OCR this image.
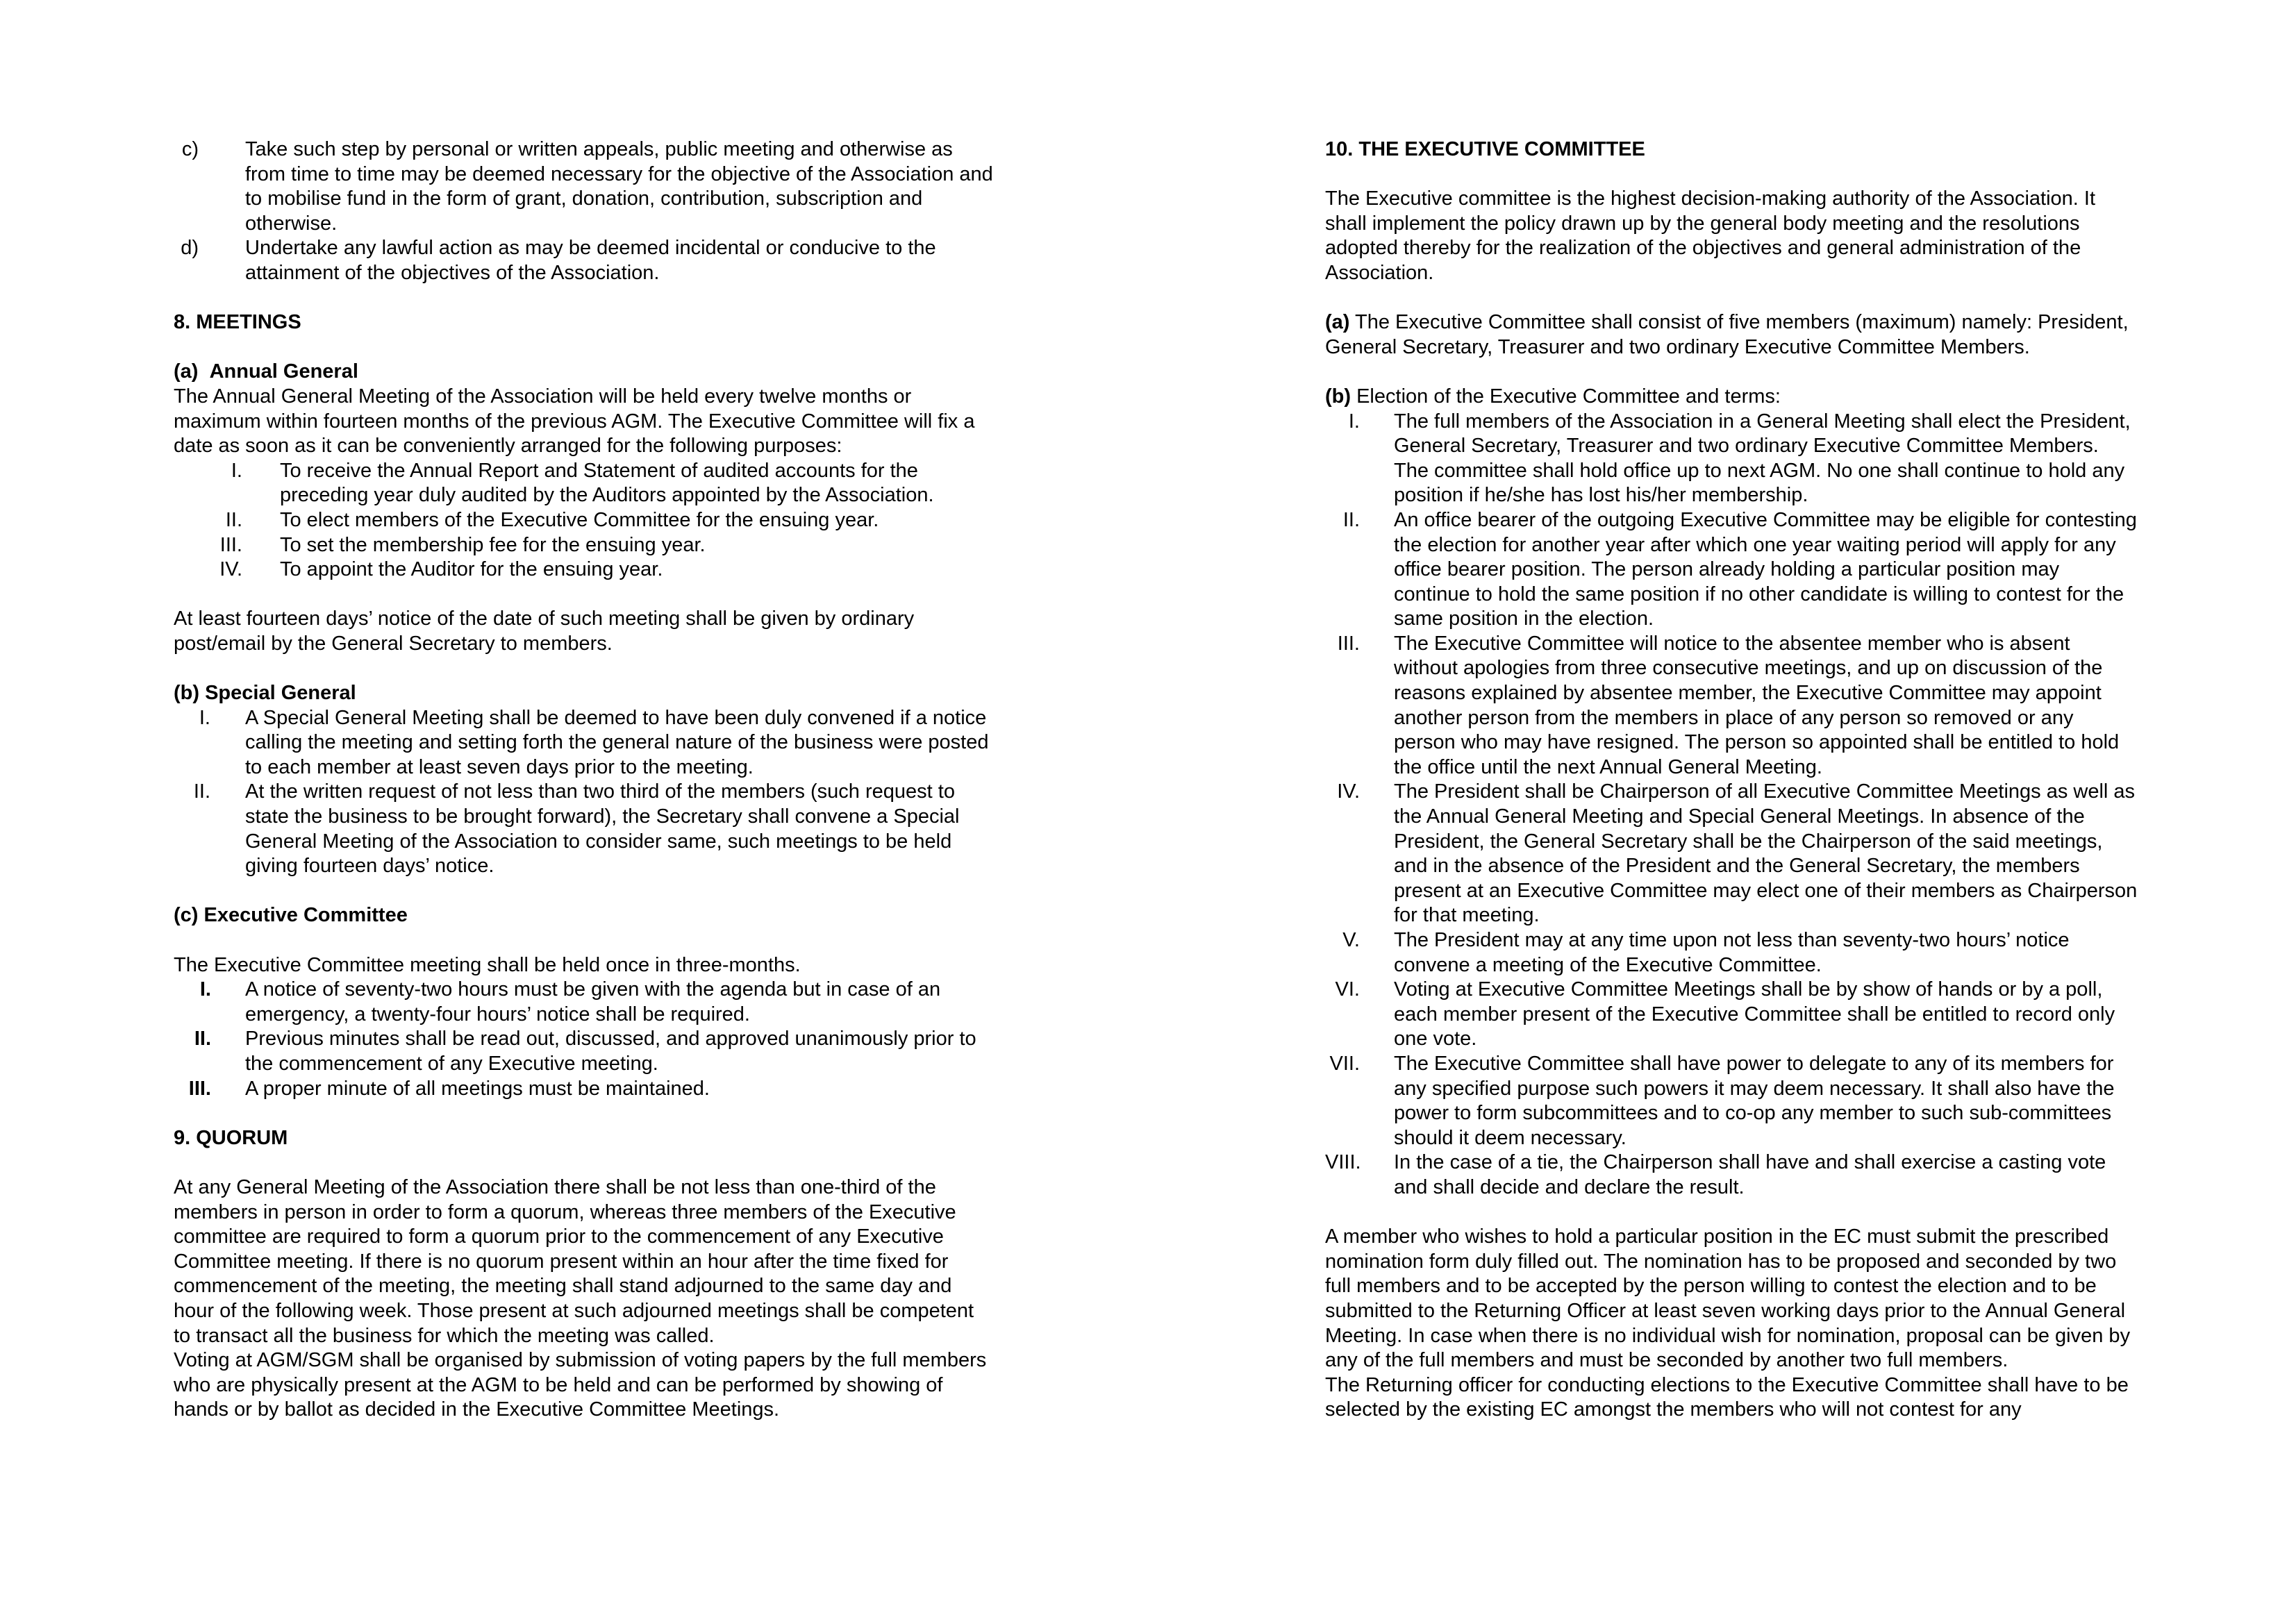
c) Take such step by personal or written appeals, public meeting and otherwise as from time to time may be deemed necessary for the objective of the Association and to mobilise fund in the form of grant, donation, contribution, subscription and otherwise.

d) Undertake any lawful action as may be deemed incidental or conducive to the attainment of the objectives of the Association.

8. MEETINGS

(a) Annual General

The Annual General Meeting of the Association will be held every twelve months or maximum within fourteen months of the previous AGM. The Executive Committee will fix a date as soon as it can be conveniently arranged for the following purposes:

I. To receive the Annual Report and Statement of audited accounts for the preceding year duly audited by the Auditors appointed by the Association.

II. To elect members of the Executive Committee for the ensuing year.

III. To set the membership fee for the ensuing year.

IV. To appoint the Auditor for the ensuing year.

At least fourteen days’ notice of the date of such meeting shall be given by ordinary post/email by the General Secretary to members.

(b) Special General
I. A Special General Meeting shall be deemed to have been duly convened if a notice calling the meeting and setting forth the general nature of the business were posted to each member at least seven days prior to the meeting.

II. At the written request of not less than two third of the members (such request to state the business to be brought forward), the Secretary shall convene a Special General Meeting of the Association to consider same, such meetings to be held giving fourteen days’ notice.

(c) Executive Committee

The Executive Committee meeting shall be held once in three-months.

I. A notice of seventy-two hours must be given with the agenda but in case of an emergency, a twenty-four hours’ notice shall be required.

II. Previous minutes shall be read out, discussed, and approved unanimously prior to the commencement of any Executive meeting.

III. A proper minute of all meetings must be maintained.

9. QUORUM

At any General Meeting of the Association there shall be not less than one-third of the members in person in order to form a quorum, whereas three members of the Executive committee are required to form a quorum prior to the commencement of any Executive Committee meeting. If there is no quorum present within an hour after the time fixed for commencement of the meeting, the meeting shall stand adjourned to the same day and hour of the following week. Those present at such adjourned meetings shall be competent to transact all the business for which the meeting was called.

Voting at AGM/SGM shall be organised by submission of voting papers by the full members who are physically present at the AGM to be held and can be performed by showing of hands or by ballot as decided in the Executive Committee Meetings.

10. THE EXECUTIVE COMMITTEE

The Executive committee is the highest decision-making authority of the Association. It shall implement the policy drawn up by the general body meeting and the resolutions adopted thereby for the realization of the objectives and general administration of the Association.

(a) The Executive Committee shall consist of five members (maximum) namely: President, General Secretary, Treasurer and two ordinary Executive Committee Members.

(b) Election of the Executive Committee and terms:

I. The full members of the Association in a General Meeting shall elect the President, General Secretary, Treasurer and two ordinary Executive Committee Members. The committee shall hold office up to next AGM. No one shall continue to hold any position if he/she has lost his/her membership.

II. An office bearer of the outgoing Executive Committee may be eligible for contesting the election for another year after which one year waiting period will apply for any office bearer position. The person already holding a particular position may continue to hold the same position if no other candidate is willing to contest for the same position in the election.

III. The Executive Committee will notice to the absentee member who is absent without apologies from three consecutive meetings, and up on discussion of the reasons explained by absentee member, the Executive Committee may appoint another person from the members in place of any person so removed or any person who may have resigned. The person so appointed shall be entitled to hold the office until the next Annual General Meeting.

IV. The President shall be Chairperson of all Executive Committee Meetings as well as the Annual General Meeting and Special General Meetings. In absence of the President, the General Secretary shall be the Chairperson of the said meetings, and in the absence of the President and the General Secretary, the members present at an Executive Committee may elect one of their members as Chairperson for that meeting.

V. The President may at any time upon not less than seventy-two hours’ notice convene a meeting of the Executive Committee.

VI. Voting at Executive Committee Meetings shall be by show of hands or by a poll, each member present of the Executive Committee shall be entitled to record only one vote.

VII. The Executive Committee shall have power to delegate to any of its members for any specified purpose such powers it may deem necessary. It shall also have the power to form subcommittees and to co-op any member to such sub-committees should it deem necessary.

VIII. In the case of a tie, the Chairperson shall have and shall exercise a casting vote and shall decide and declare the result.

A member who wishes to hold a particular position in the EC must submit the prescribed nomination form duly filled out. The nomination has to be proposed and seconded by two full members and to be accepted by the person willing to contest the election and to be submitted to the Returning Officer at least seven working days prior to the Annual General Meeting. In case when there is no individual wish for nomination, proposal can be given by any of the full members and must be seconded by another two full members.

The Returning officer for conducting elections to the Executive Committee shall have to be selected by the existing EC amongst the members who will not contest for any
